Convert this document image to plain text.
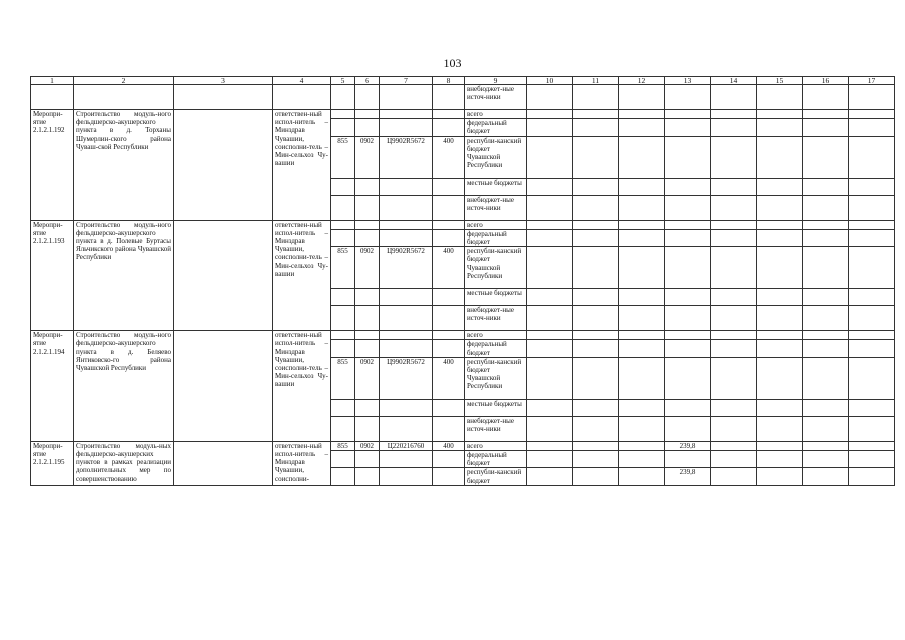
103
1	2	3	4	5	6	7	8	9	10	11	12	13	14	15	16	17
								внебюджет-ные источ-ники								
Меропри-ятие 2.1.2.1.192	Строительство модуль-ного фельдшерско-акушерского пункта в д. Торханы Шумерлин-ского района Чуваш-ской Республики		ответствен-ный испол-нитель – Минздрав Чувашии, соисполни-тель – Мин-сельхоз Чу-вашии					всего								
								федеральный бюджет								
				855	0902	Ц9902R5672	400	республи-канский бюджет Чувашской Республики								
								местные бюджеты								
								внебюджет-ные источ-ники								
Меропри-ятие 2.1.2.1.193	Строительство модуль-ного фельдшерско-акушерского пункта в д. Полевые Буртасы Яльчикского района Чувашской Республики		ответствен-ный испол-нитель – Минздрав Чувашии, соисполни-тель – Мин-сельхоз Чу-вашии					всего								
								федеральный бюджет								
				855	0902	Ц9902R5672	400	республи-канский бюджет Чувашской Республики								
								местные бюджеты								
								внебюджет-ные источ-ники								
Меропри-ятие 2.1.2.1.194	Строительство модуль-ного фельдшерско-акушерского пункта в д. Беляево Янтиковско-го района Чувашской Республики		ответствен-ный испол-нитель – Минздрав Чувашии, соисполни-тель – Мин-сельхоз Чу-вашии					всего								
								федеральный бюджет								
				855	0902	Ц9902R5672	400	республи-канский бюджет Чувашской Республики								
								местные бюджеты								
								внебюджет-ные источ-ники								
Меропри-ятие 2.1.2.1.195	Строительство модуль-ных фельдшерско-акушерских пунктов в рамках реализации дополнительных мер по совершенствованию		ответствен-ный испол-нитель – Минздрав Чувашии, соисполни-	855	0902	Ц220216760	400	всего				239,8				
								федеральный бюджет								
								республи-канский бюджет				239,8				
